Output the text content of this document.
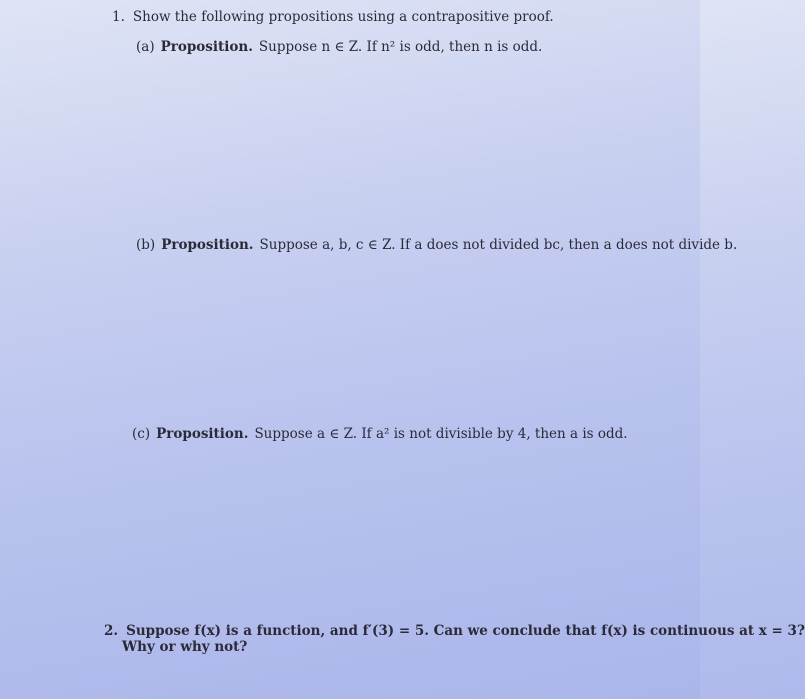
1. Show the following propositions using a contrapositive proof.
(a) Proposition. Suppose n ∈ Z. If n² is odd, then n is odd.
(b) Proposition. Suppose a, b, c ∈ Z. If a does not divided bc, then a does not divide b.
(c) Proposition. Suppose a ∈ Z. If a² is not divisible by 4, then a is odd.
2. Suppose f(x) is a function, and f′(3) = 5. Can we conclude that f(x) is continuous at x = 3?
Why or why not?
